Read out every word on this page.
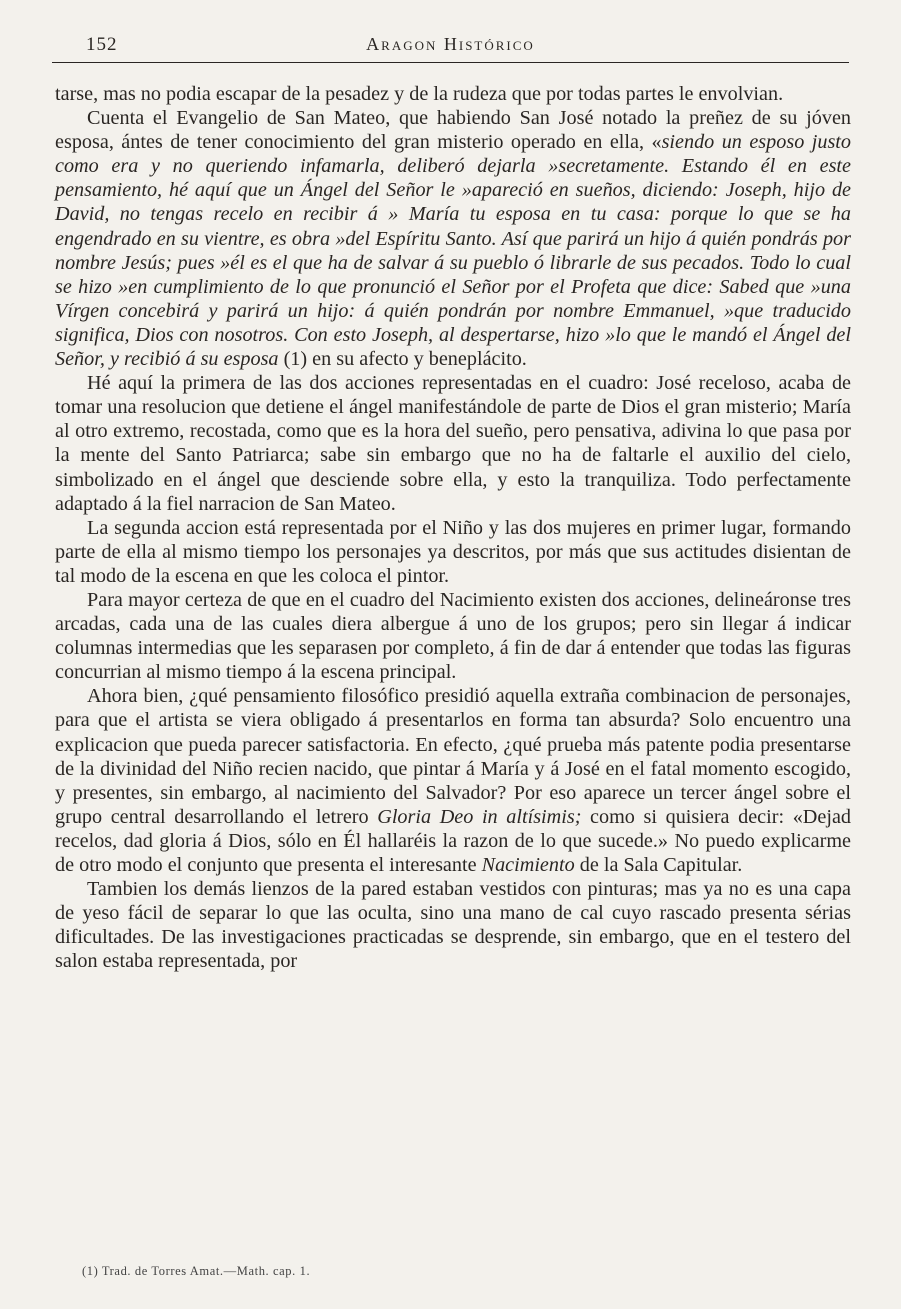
152	Aragon Histórico

tarse, mas no podia escapar de la pesadez y de la rudeza que por todas partes le envolvian.

Cuenta el Evangelio de San Mateo, que habiendo San José notado la preñez de su jóven esposa, ántes de tener conocimiento del gran misterio operado en ella, «siendo un esposo justo como era y no queriendo infamarla, deliberó dejarla »secretamente. Estando él en este pensamiento, hé aquí que un Ángel del Señor le »apareció en sueños, diciendo: Joseph, hijo de David, no tengas recelo en recibir á » María tu esposa en tu casa: porque lo que se ha engendrado en su vientre, es obra »del Espíritu Santo. Así que parirá un hijo á quién pondrás por nombre Jesús; pues »él es el que ha de salvar á su pueblo ó librarle de sus pecados. Todo lo cual se hizo »en cumplimiento de lo que pronunció el Señor por el Profeta que dice: Sabed que »una Vírgen concebirá y parirá un hijo: á quién pondrán por nombre Emmanuel, »que traducido significa, Dios con nosotros. Con esto Joseph, al despertarse, hizo »lo que le mandó el Ángel del Señor, y recibió á su esposa (1) en su afecto y beneplácito.

Hé aquí la primera de las dos acciones representadas en el cuadro: José receloso, acaba de tomar una resolucion que detiene el ángel manifestándole de parte de Dios el gran misterio; María al otro extremo, recostada, como que es la hora del sueño, pero pensativa, adivina lo que pasa por la mente del Santo Patriarca; sabe sin embargo que no ha de faltarle el auxilio del cielo, simbolizado en el ángel que desciende sobre ella, y esto la tranquiliza. Todo perfectamente adaptado á la fiel narracion de San Mateo.

La segunda accion está representada por el Niño y las dos mujeres en primer lugar, formando parte de ella al mismo tiempo los personajes ya descritos, por más que sus actitudes disientan de tal modo de la escena en que les coloca el pintor.

Para mayor certeza de que en el cuadro del Nacimiento existen dos acciones, delineáronse tres arcadas, cada una de las cuales diera albergue á uno de los grupos; pero sin llegar á indicar columnas intermedias que les separasen por completo, á fin de dar á entender que todas las figuras concurrian al mismo tiempo á la escena principal.

Ahora bien, ¿qué pensamiento filosófico presidió aquella extraña combinacion de personajes, para que el artista se viera obligado á presentarlos en forma tan absurda? Solo encuentro una explicacion que pueda parecer satisfactoria. En efecto, ¿qué prueba más patente podia presentarse de la divinidad del Niño recien nacido, que pintar á María y á José en el fatal momento escogido, y presentes, sin embargo, al nacimiento del Salvador? Por eso aparece un tercer ángel sobre el grupo central desarrollando el letrero Gloria Deo in altísimis; como si quisiera decir: «Dejad recelos, dad gloria á Dios, sólo en Él hallaréis la razon de lo que sucede.» No puedo explicarme de otro modo el conjunto que presenta el interesante Nacimiento de la Sala Capitular.

Tambien los demás lienzos de la pared estaban vestidos con pinturas; mas ya no es una capa de yeso fácil de separar lo que las oculta, sino una mano de cal cuyo rascado presenta sérias dificultades. De las investigaciones practicadas se desprende, sin embargo, que en el testero del salon estaba representada, por

(1) Trad. de Torres Amat.—Math. cap. 1.
